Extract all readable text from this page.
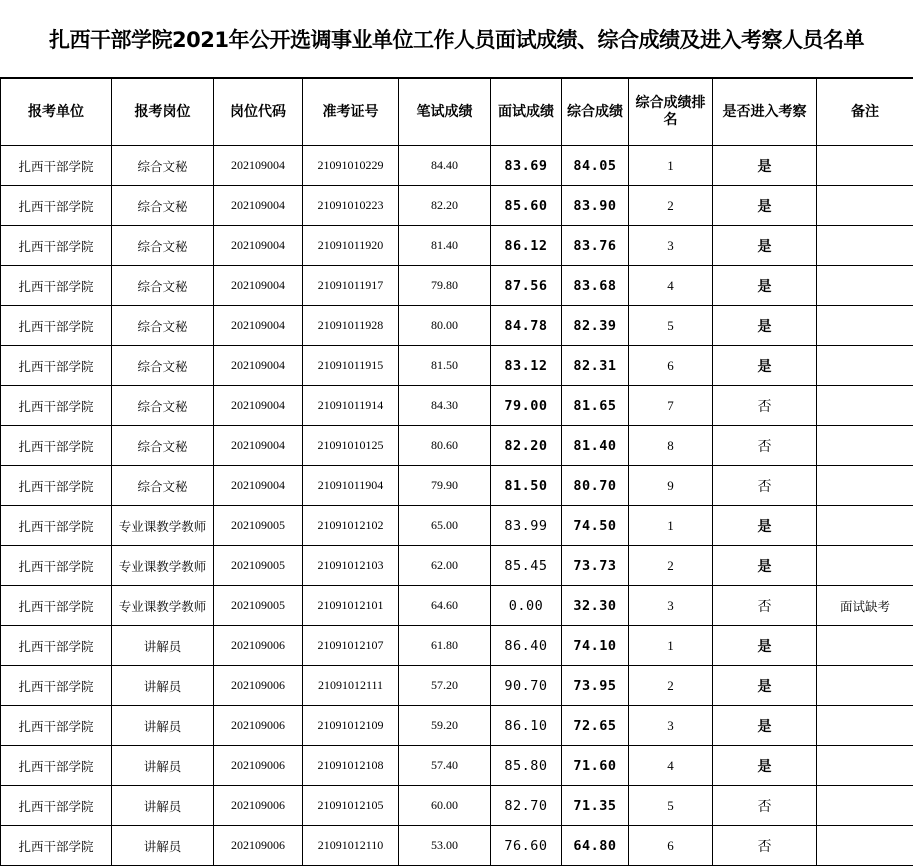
扎西干部学院2021年公开选调事业单位工作人员面试成绩、综合成绩及进入考察人员名单
报考单位	报考岗位	岗位代码	准考证号	笔试成绩	面试成绩	综合成绩	综合成绩排名	是否进入考察	备注
扎西干部学院	综合文秘	202109004	21091010229	84.40	83.69	84.05	1	是	
扎西干部学院	综合文秘	202109004	21091010223	82.20	85.60	83.90	2	是	
扎西干部学院	综合文秘	202109004	21091011920	81.40	86.12	83.76	3	是	
扎西干部学院	综合文秘	202109004	21091011917	79.80	87.56	83.68	4	是	
扎西干部学院	综合文秘	202109004	21091011928	80.00	84.78	82.39	5	是	
扎西干部学院	综合文秘	202109004	21091011915	81.50	83.12	82.31	6	是	
扎西干部学院	综合文秘	202109004	21091011914	84.30	79.00	81.65	7	否	
扎西干部学院	综合文秘	202109004	21091010125	80.60	82.20	81.40	8	否	
扎西干部学院	综合文秘	202109004	21091011904	79.90	81.50	80.70	9	否	
扎西干部学院	专业课教学教师	202109005	21091012102	65.00	83.99	74.50	1	是	
扎西干部学院	专业课教学教师	202109005	21091012103	62.00	85.45	73.73	2	是	
扎西干部学院	专业课教学教师	202109005	21091012101	64.60	0.00	32.30	3	否	面试缺考
扎西干部学院	讲解员	202109006	21091012107	61.80	86.40	74.10	1	是	
扎西干部学院	讲解员	202109006	21091012111	57.20	90.70	73.95	2	是	
扎西干部学院	讲解员	202109006	21091012109	59.20	86.10	72.65	3	是	
扎西干部学院	讲解员	202109006	21091012108	57.40	85.80	71.60	4	是	
扎西干部学院	讲解员	202109006	21091012105	60.00	82.70	71.35	5	否	
扎西干部学院	讲解员	202109006	21091012110	53.00	76.60	64.80	6	否	
